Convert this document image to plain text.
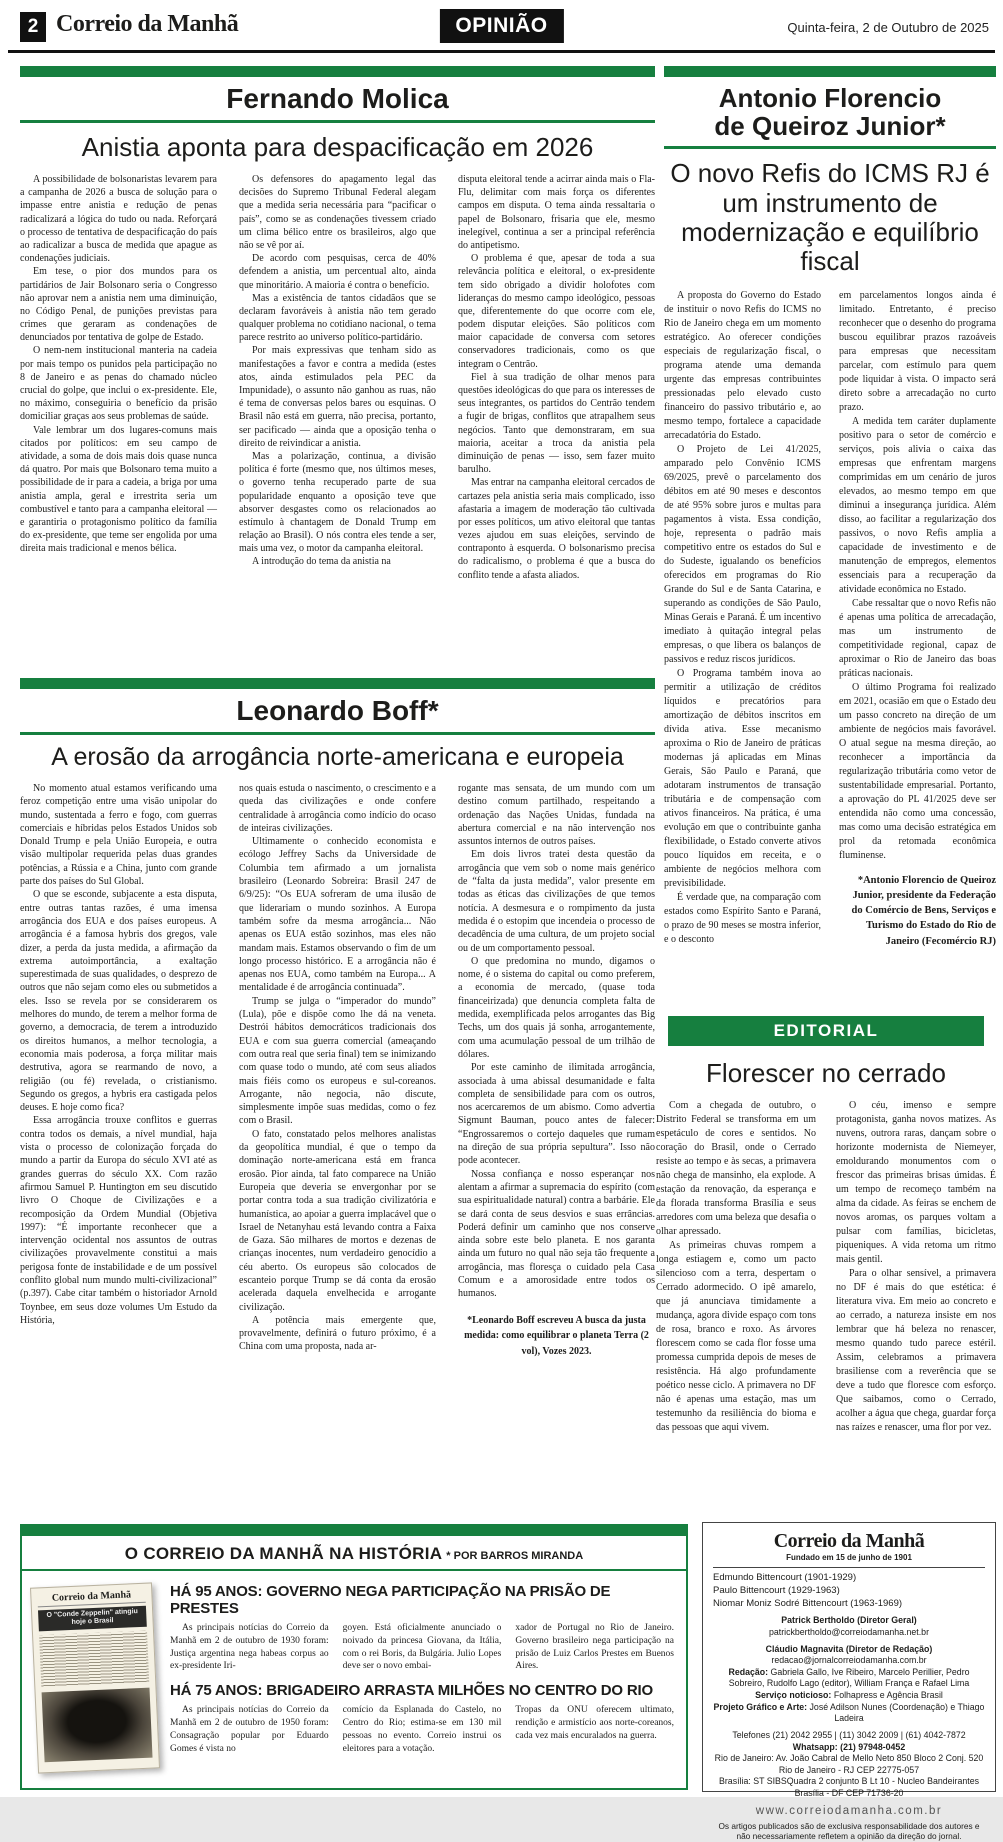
2 Correio da Manhã	OPINIÃO	Quinta-feira, 2 de Outubro de 2025
Fernando Molica
Anistia aponta para despacificação em 2026

A possibilidade de bolsonaristas levarem para a campanha de 2026 a busca de solução para o impasse entre anistia e redução de penas radicalizará a lógica do tudo ou nada. Reforçará o processo de tentativa de despacificação do país ao radicalizar a busca de medida que apague as condenações judiciais.

Em tese, o pior dos mundos para os partidários de Jair Bolsonaro seria o Congresso não aprovar nem a anistia nem uma diminuição, no Código Penal, de punições previstas para crimes que geraram as condenações de denunciados por tentativa de golpe de Estado.

O nem-nem institucional manteria na cadeia por mais tempo os punidos pela participação no 8 de Janeiro e as penas do chamado núcleo crucial do golpe, que inclui o ex-presidente. Ele, no máximo, conseguiria o benefício da prisão domiciliar graças aos seus problemas de saúde.

Vale lembrar um dos lugares-comuns mais citados por políticos: em seu campo de atividade, a soma de dois mais dois quase nunca dá quatro. Por mais que Bolsonaro tema muito a possibilidade de ir para a cadeia, a briga por uma anistia ampla, geral e irrestrita seria um combustível e tanto para a campanha eleitoral — e garantiria o protagonismo político da família do ex-presidente, que teme ser engolida por uma direita mais tradicional e menos bélica.

Os defensores do apagamento legal das decisões do Supremo Tribunal Federal alegam que a medida seria necessária para “pacificar o país”, como se as condenações tivessem criado um clima bélico entre os brasileiros, algo que não se vê por aí.

De acordo com pesquisas, cerca de 40% defendem a anistia, um percentual alto, ainda que minoritário. A maioria é contra o benefício.

Mas a existência de tantos cidadãos que se declaram favoráveis à anistia não tem gerado qualquer problema no cotidiano nacional, o tema parece restrito ao universo político-partidário.

Por mais expressivas que tenham sido as manifestações a favor e contra a medida (estes atos, ainda estimulados pela PEC da Impunidade), o assunto não ganhou as ruas, não é tema de conversas pelos bares ou esquinas. O Brasil não está em guerra, não precisa, portanto, ser pacificado — ainda que a oposição tenha o direito de reivindicar a anistia.

Mas a polarização, continua, a divisão política é forte (mesmo que, nos últimos meses, o governo tenha recuperado parte de sua popularidade enquanto a oposição teve que absorver desgastes como os relacionados ao estímulo à chantagem de Donald Trump em relação ao Brasil). O nós contra eles tende a ser, mais uma vez, o motor da campanha eleitoral.

A introdução do tema da anistia na

disputa eleitoral tende a acirrar ainda mais o Fla-Flu, delimitar com mais força os diferentes campos em disputa. O tema ainda ressaltaria o papel de Bolsonaro, frisaria que ele, mesmo inelegível, continua a ser a principal referência do antipetismo.

O problema é que, apesar de toda a sua relevância política e eleitoral, o ex-presidente tem sido obrigado a dividir holofotes com lideranças do mesmo campo ideológico, pessoas que, diferentemente do que ocorre com ele, podem disputar eleições. São políticos com maior capacidade de conversa com setores conservadores tradicionais, como os que integram o Centrão.

Fiel à sua tradição de olhar menos para questões ideológicas do que para os interesses de seus integrantes, os partidos do Centrão tendem a fugir de brigas, conflitos que atrapalhem seus negócios. Tanto que demonstraram, em sua maioria, aceitar a troca da anistia pela diminuição de penas — isso, sem fazer muito barulho.

Mas entrar na campanha eleitoral cercados de cartazes pela anistia seria mais complicado, isso afastaria a imagem de moderação tão cultivada por esses políticos, um ativo eleitoral que tantas vezes ajudou em suas eleições, servindo de contraponto à esquerda. O bolsonarismo precisa do radicalismo, o problema é que a busca do conflito tende a afasta aliados.

Antonio Florencio
de Queiroz Junior*
O novo Refis do ICMS RJ é um instrumento de modernização e equilíbrio fiscal

A proposta do Governo do Estado de instituir o novo Refis do ICMS no Rio de Janeiro chega em um momento estratégico. Ao oferecer condições especiais de regularização fiscal, o programa atende uma demanda urgente das empresas contribuintes pressionadas pelo elevado custo financeiro do passivo tributário e, ao mesmo tempo, fortalece a capacidade arrecadatória do Estado.

O Projeto de Lei 41/2025, amparado pelo Convênio ICMS 69/2025, prevê o parcelamento dos débitos em até 90 meses e descontos de até 95% sobre juros e multas para pagamentos à vista. Essa condição, hoje, representa o padrão mais competitivo entre os estados do Sul e do Sudeste, igualando os benefícios oferecidos em programas do Rio Grande do Sul e de Santa Catarina, e superando as condições de São Paulo, Minas Gerais e Paraná. É um incentivo imediato à quitação integral pelas empresas, o que libera os balanços de passivos e reduz riscos jurídicos.

O Programa também inova ao permitir a utilização de créditos líquidos e precatórios para amortização de débitos inscritos em dívida ativa. Esse mecanismo aproxima o Rio de Janeiro de práticas modernas já aplicadas em Minas Gerais, São Paulo e Paraná, que adotaram instrumentos de transação tributária e de compensação com ativos financeiros. Na prática, é uma evolução em que o contribuinte ganha flexibilidade, o Estado converte ativos pouco líquidos em receita, e o ambiente de negócios melhora com previsibilidade.

É verdade que, na comparação com estados como Espírito Santo e Paraná, o prazo de 90 meses se mostra inferior, e o desconto

em parcelamentos longos ainda é limitado. Entretanto, é preciso reconhecer que o desenho do programa buscou equilibrar prazos razoáveis para empresas que necessitam parcelar, com estímulo para quem pode liquidar à vista. O impacto será direto sobre a arrecadação no curto prazo.

A medida tem caráter duplamente positivo para o setor de comércio e serviços, pois alivia o caixa das empresas que enfrentam margens comprimidas em um cenário de juros elevados, ao mesmo tempo em que diminui a insegurança jurídica. Além disso, ao facilitar a regularização dos passivos, o novo Refis amplia a capacidade de investimento e de manutenção de empregos, elementos essenciais para a recuperação da atividade econômica no Estado.

Cabe ressaltar que o novo Refis não é apenas uma política de arrecadação, mas um instrumento de competitividade regional, capaz de aproximar o Rio de Janeiro das boas práticas nacionais.

O último Programa foi realizado em 2021, ocasião em que o Estado deu um passo concreto na direção de um ambiente de negócios mais favorável. O atual segue na mesma direção, ao reconhecer a importância da regularização tributária como vetor de sustentabilidade empresarial. Portanto, a aprovação do PL 41/2025 deve ser entendida não como uma concessão, mas como uma decisão estratégica em prol da retomada econômica fluminense.

*Antonio Florencio de Queiroz Junior, presidente da Federação do Comércio de Bens, Serviços e Turismo do Estado do Rio de Janeiro (Fecomércio RJ)
Leonardo Boff*
A erosão da arrogância norte-americana e europeia

No momento atual estamos verificando uma feroz competição entre uma visão unipolar do mundo, sustentada a ferro e fogo, com guerras comerciais e híbridas pelos Estados Unidos sob Donald Trump e pela União Europeia, e outra visão multipolar requerida pelas duas grandes potências, a Rússia e a China, junto com grande parte dos países do Sul Global.

O que se esconde, subjacente a esta disputa, entre outras tantas razões, é uma imensa arrogância dos EUA e dos países europeus. A arrogância é a famosa hybris dos gregos, vale dizer, a perda da justa medida, a afirmação da extrema autoimportância, a exaltação superestimada de suas qualidades, o desprezo de outros que não sejam como eles ou submetidos a eles. Isso se revela por se considerarem os melhores do mundo, de terem a melhor forma de governo, a democracia, de terem a introduzido os direitos humanos, a melhor tecnologia, a economia mais poderosa, a força militar mais destrutiva, agora se rearmando de novo, a religião (ou fé) revelada, o cristianismo. Segundo os gregos, a hybris era castigada pelos deuses. E hoje como fica?

Essa arrogância trouxe conflitos e guerras contra todos os demais, a nível mundial, haja vista o processo de colonização forçada do mundo a partir da Europa do século XVI até as grandes guerras do século XX. Com razão afirmou Samuel P. Huntington em seu discutido livro O Choque de Civilizações e a recomposição da Ordem Mundial (Objetiva 1997): “É importante reconhecer que a intervenção ocidental nos assuntos de outras civilizações provavelmente constitui a mais perigosa fonte de instabilidade e de um possível conflito global num mundo multi-civilizacional” (p.397). Cabe citar também o historiador Arnold Toynbee, em seus doze volumes Um Estudo da História,

nos quais estuda o nascimento, o crescimento e a queda das civilizações e onde confere centralidade à arrogância como indício do ocaso de inteiras civilizações.

Ultimamente o conhecido economista e ecólogo Jeffrey Sachs da Universidade de Columbia tem afirmado a um jornalista brasileiro (Leonardo Sobreira: Brasil 247 de 6/9/25): “Os EUA sofreram de uma ilusão de que liderariam o mundo sozinhos. A Europa também sofre da mesma arrogância... Não apenas os EUA estão sozinhos, mas eles não mandam mais. Estamos observando o fim de um longo processo histórico. E a arrogância não é apenas nos EUA, como também na Europa... A mentalidade é de arrogância continuada”.

Trump se julga o “imperador do mundo” (Lula), põe e dispõe como lhe dá na veneta. Destrói hábitos democráticos tradicionais dos EUA e com sua guerra comercial (ameaçando com outra real que seria final) tem se inimizando com quase todo o mundo, até com seus aliados mais fiéis como os europeus e sul-coreanos. Arrogante, não negocia, não discute, simplesmente impõe suas medidas, como o fez com o Brasil.

O fato, constatado pelos melhores analistas da geopolítica mundial, é que o tempo da dominação norte-americana está em franca erosão. Pior ainda, tal fato comparece na União Europeia que deveria se envergonhar por se portar contra toda a sua tradição civilizatória e humanística, ao apoiar a guerra implacável que o Israel de Netanyhau está levando contra a Faixa de Gaza. São milhares de mortos e dezenas de crianças inocentes, num verdadeiro genocídio a céu aberto. Os europeus são colocados de escanteio porque Trump se dá conta da erosão acelerada daquela envelhecida e arrogante civilização.

A potência mais emergente que, provavelmente, definirá o futuro próximo, é a China com uma proposta, nada ar-

rogante mas sensata, de um mundo com um destino comum partilhado, respeitando a ordenação das Nações Unidas, fundada na abertura comercial e na não intervenção nos assuntos internos de outros países.

Em dois livros tratei desta questão da arrogância que vem sob o nome mais genérico de “falta da justa medida”, valor presente em todas as éticas das civilizações de que temos notícia. A desmesura e o rompimento da justa medida é o estopim que incendeia o processo de decadência de uma cultura, de um projeto social ou de um comportamento pessoal.

O que predomina no mundo, digamos o nome, é o sistema do capital ou como preferem, a economia de mercado, (quase toda financeirizada) que denuncia completa falta de medida, exemplificada pelos arrogantes das Big Techs, um dos quais já sonha, arrogantemente, com uma acumulação pessoal de um trilhão de dólares.

Por este caminho de ilimitada arrogância, associada à uma abissal desumanidade e falta completa de sensibilidade para com os outros, nos acercaremos de um abismo. Como advertia Sigmunt Bauman, pouco antes de falecer: “Engrossaremos o cortejo daqueles que rumam na direção de sua própria sepultura”. Isso não pode acontecer.

Nossa confiança e nosso esperançar nos alentam a afirmar a supremacia do espírito (com sua espiritualidade natural) contra a barbárie. Ele se dará conta de seus desvios e suas errâncias. Poderá definir um caminho que nos conserve ainda sobre este belo planeta. E nos garanta ainda um futuro no qual não seja tão frequente a arrogância, mas floresça o cuidado pela Casa Comum e a amorosidade entre todos os humanos.

*Leonardo Boff escreveu A busca da justa medida: como equilibrar o planeta Terra (2 vol), Vozes 2023.
EDITORIAL
Florescer no cerrado

Com a chegada de outubro, o Distrito Federal se transforma em um espetáculo de cores e sentidos. No coração do Brasil, onde o Cerrado resiste ao tempo e às secas, a primavera não chega de mansinho, ela explode. A estação da renovação, da esperança e da florada transforma Brasília e seus arredores com uma beleza que desafia o olhar apressado.

As primeiras chuvas rompem a longa estiagem e, como um pacto silencioso com a terra, despertam o Cerrado adormecido. O ipê amarelo, que já anunciava timidamente a mudança, agora divide espaço com tons de rosa, branco e roxo. As árvores florescem como se cada flor fosse uma promessa cumprida depois de meses de resistência. Há algo profundamente poético nesse ciclo. A primavera no DF não é apenas uma estação, mas um testemunho da resiliência do bioma e das pessoas que aqui vivem.

O céu, imenso e sempre protagonista, ganha novos matizes. As nuvens, outrora raras, dançam sobre o horizonte modernista de Niemeyer, emoldurando monumentos com o frescor das primeiras brisas úmidas. É um tempo de recomeço também na alma da cidade. As feiras se enchem de novos aromas, os parques voltam a pulsar com famílias, bicicletas, piqueniques. A vida retoma um ritmo mais gentil.

Para o olhar sensível, a primavera no DF é mais do que estética: é literatura viva. Em meio ao concreto e ao cerrado, a natureza insiste em nos lembrar que há beleza no renascer, mesmo quando tudo parece estéril. Assim, celebramos a primavera brasiliense com a reverência que se deve a tudo que floresce com esforço. Que saibamos, como o Cerrado, acolher a água que chega, guardar força nas raízes e renascer, uma flor por vez.

O CORREIO DA MANHÃ NA HISTÓRIA * POR BARROS MIRANDA
Correio da Manhã
O "Conde Zeppelin" atingiu hoje o Brasil
HÁ 95 ANOS: GOVERNO NEGA PARTICIPAÇÃO NA PRISÃO DE PRESTES
As principais notícias do Correio da Manhã em 2 de outubro de 1930 foram: Justiça argentina nega habeas corpus ao ex-presidente Iri-
goyen. Está oficialmente anunciado o noivado da princesa Giovana, da Itália, com o rei Boris, da Bulgária. Julio Lopes deve ser o novo embai-
xador de Portugal no Rio de Janeiro. Governo brasileiro nega participação na prisão de Luiz Carlos Prestes em Buenos Aires.
HÁ 75 ANOS: BRIGADEIRO ARRASTA MILHÕES NO CENTRO DO RIO
As principais notícias do Correio da Manhã em 2 de outubro de 1950 foram: Consagração popular por Eduardo Gomes é vista no
comício da Esplanada do Castelo, no Centro do Rio; estima-se em 130 mil pessoas no evento. Correio instrui os eleitores para a votação.
Tropas da ONU oferecem ultimato, rendição e armistício aos norte-coreanos, cada vez mais encuralados na guerra.
Correio da Manhã
Fundado em 15 de junho de 1901
Edmundo Bittencourt (1901-1929)
Paulo Bittencourt (1929-1963)
Niomar Moniz Sodré Bittencourt (1963-1969)
Patrick Bertholdo (Diretor Geral)
patrickbertholdo@correiodamanha.net.br
Cláudio Magnavita (Diretor de Redação)
redacao@jornalcorreiodamanha.com.br
Redação: Gabriela Gallo, Ive Ribeiro, Marcelo Perillier, Pedro Sobreiro, Rudolfo Lago (editor), William França e Rafael Lima
Serviço noticioso: Folhapress e Agência Brasil
Projeto Gráfico e Arte: José Adilson Nunes (Coordenação) e Thiago Ladeira
Telefones (21) 2042 2955 | (11) 3042 2009 | (61) 4042-7872
Whatsapp: (21) 97948-0452
Rio de Janeiro: Av. João Cabral de Mello Neto 850 Bloco 2 Conj. 520
Rio de Janeiro - RJ CEP 22775-057
Brasília: ST SIBSQuadra 2 conjunto B Lt 10 - Nucleo Bandeirantes
Brasília - DF CEP 71736-20
www.correiodamanha.com.br
Os artigos publicados são de exclusiva responsabilidade dos autores e não necessariamente refletem a opinião da direção do jornal.
